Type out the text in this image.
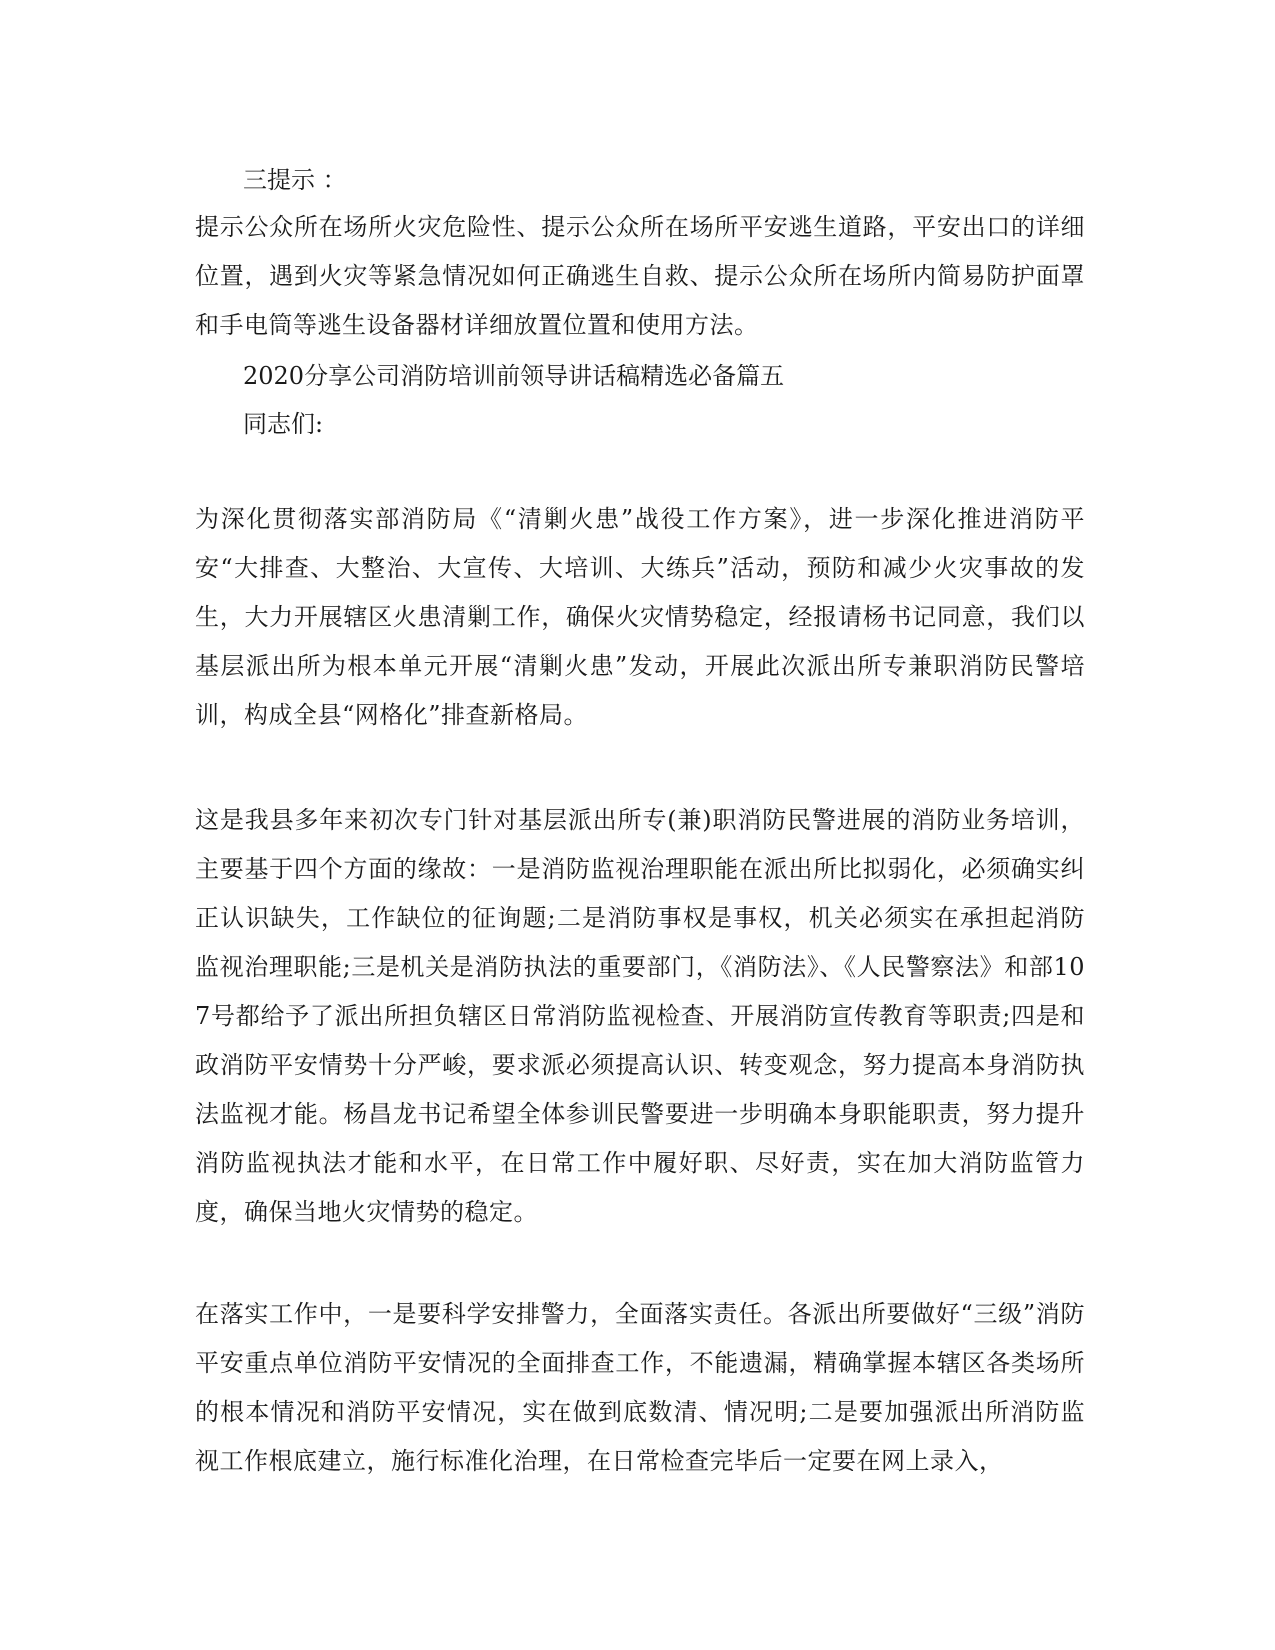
三提示 ：
提示公众所在场所火灾危险性、提示公众所在场所平安逃生道路，平安出口的详细位置，遇到火灾等紧急情况如何正确逃生自救、提示公众所在场所内简易防护面罩和手电筒等逃生设备器材详细放置位置和使用方法。
2020分享公司消防培训前领导讲话稿精选必备篇五
同志们:
为深化贯彻落实部消防局《“清剿火患”战役工作方案》，进一步深化推进消防平安“大排查、大整治、大宣传、大培训、大练兵”活动，预防和减少火灾事故的发生，大力开展辖区火患清剿工作，确保火灾情势稳定，经报请杨书记同意，我们以基层派出所为根本单元开展“清剿火患”发动，开展此次派出所专兼职消防民警培训，构成全县“网格化”排查新格局。
这是我县多年来初次专门针对基层派出所专(兼)职消防民警进展的消防业务培训，主要基于四个方面的缘故：一是消防监视治理职能在派出所比拟弱化，必须确实纠正认识缺失，工作缺位的征询题;二是消防事权是事权，机关必须实在承担起消防监视治理职能;三是机关是消防执法的重要部门，《消防法》、《人民警察法》和部107号都给予了派出所担负辖区日常消防监视检查、开展消防宣传教育等职责;四是和政消防平安情势十分严峻，要求派必须提高认识、转变观念，努力提高本身消防执法监视才能。杨昌龙书记希望全体参训民警要进一步明确本身职能职责，努力提升消防监视执法才能和水平，在日常工作中履好职、尽好责，实在加大消防监管力度，确保当地火灾情势的稳定。
在落实工作中，一是要科学安排警力，全面落实责任。各派出所要做好“三级”消防平安重点单位消防平安情况的全面排查工作，不能遗漏，精确掌握本辖区各类场所的根本情况和消防平安情况，实在做到底数清、情况明;二是要加强派出所消防监视工作根底建立，施行标准化治理，在日常检查完毕后一定要在网上录入，
